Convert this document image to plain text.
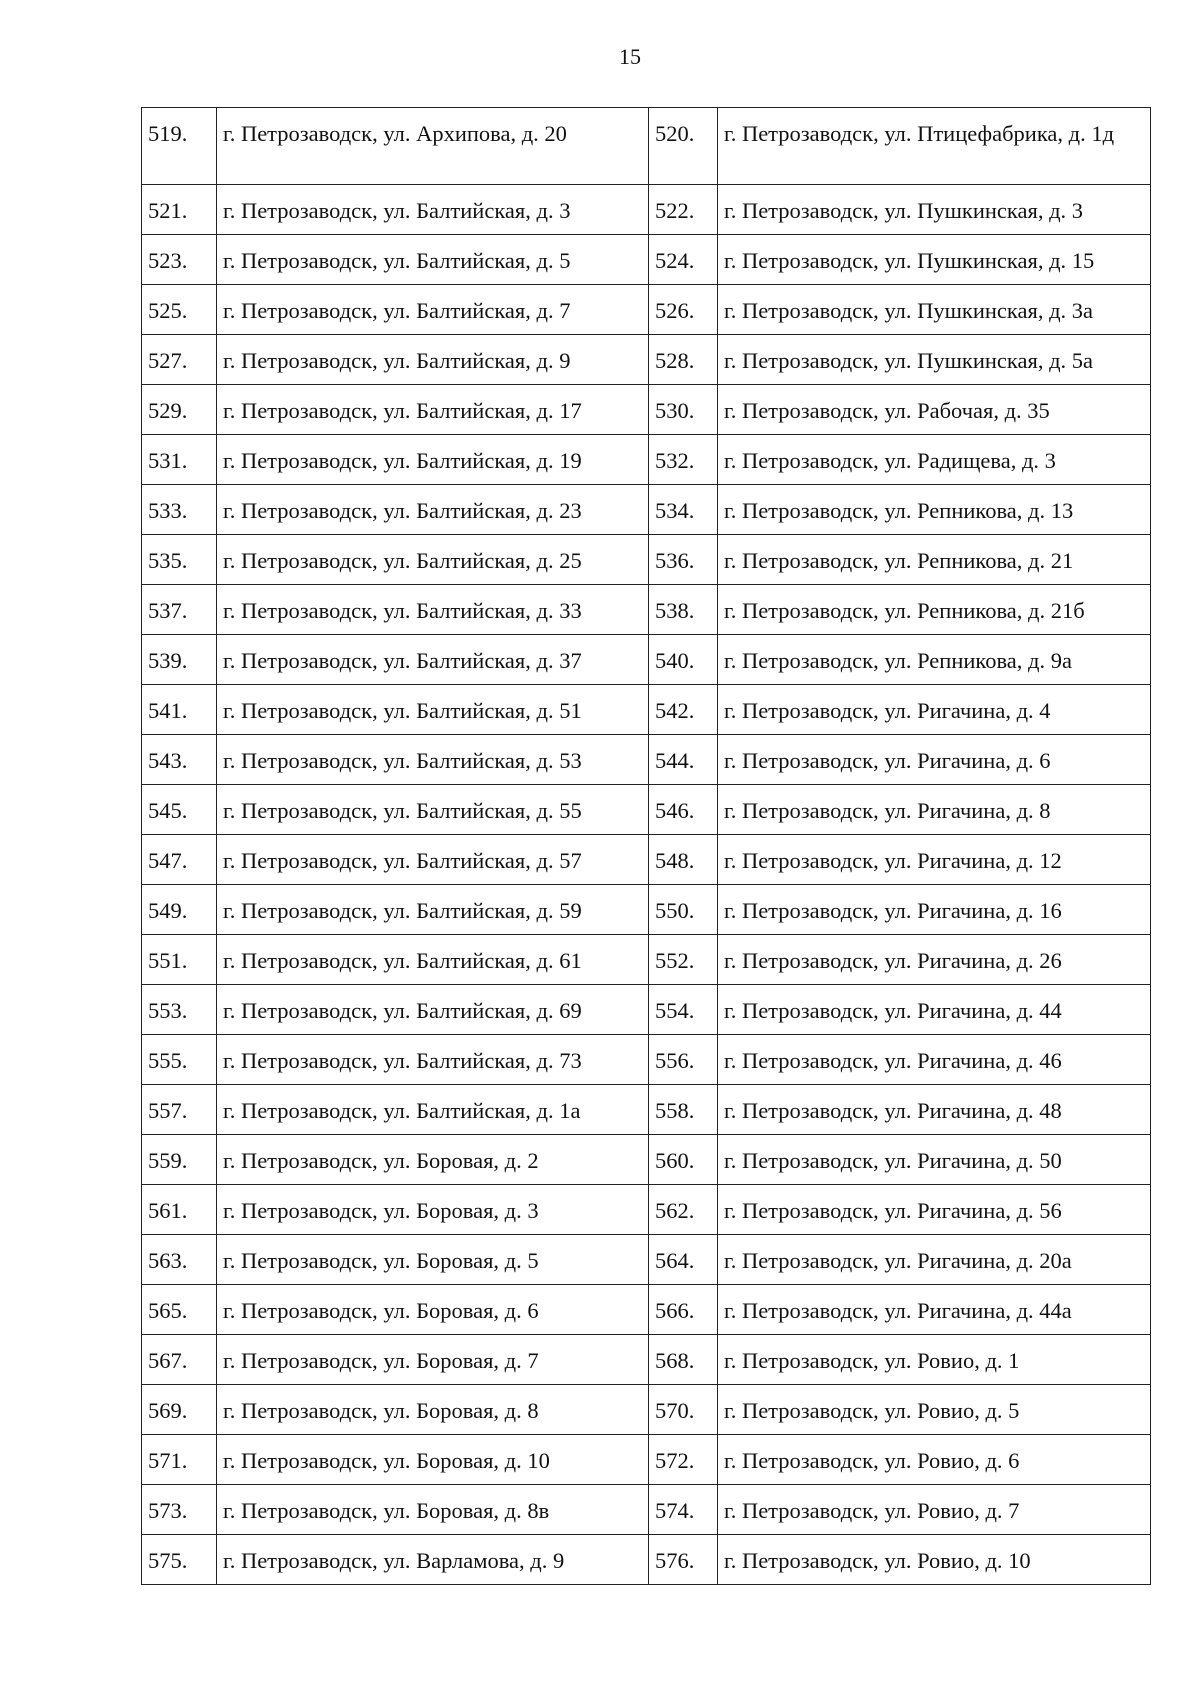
15
519.	г. Петрозаводск, ул. Архипова, д. 20	520.	г. Петрозаводск, ул. Птицефабрика, д. 1д
521.	г. Петрозаводск, ул. Балтийская, д. 3	522.	г. Петрозаводск, ул. Пушкинская, д. 3
523.	г. Петрозаводск, ул. Балтийская, д. 5	524.	г. Петрозаводск, ул. Пушкинская, д. 15
525.	г. Петрозаводск, ул. Балтийская, д. 7	526.	г. Петрозаводск, ул. Пушкинская, д. 3а
527.	г. Петрозаводск, ул. Балтийская, д. 9	528.	г. Петрозаводск, ул. Пушкинская, д. 5а
529.	г. Петрозаводск, ул. Балтийская, д. 17	530.	г. Петрозаводск, ул. Рабочая, д. 35
531.	г. Петрозаводск, ул. Балтийская, д. 19	532.	г. Петрозаводск, ул. Радищева, д. 3
533.	г. Петрозаводск, ул. Балтийская, д. 23	534.	г. Петрозаводск, ул. Репникова, д. 13
535.	г. Петрозаводск, ул. Балтийская, д. 25	536.	г. Петрозаводск, ул. Репникова, д. 21
537.	г. Петрозаводск, ул. Балтийская, д. 33	538.	г. Петрозаводск, ул. Репникова, д. 21б
539.	г. Петрозаводск, ул. Балтийская, д. 37	540.	г. Петрозаводск, ул. Репникова, д. 9а
541.	г. Петрозаводск, ул. Балтийская, д. 51	542.	г. Петрозаводск, ул. Ригачина, д. 4
543.	г. Петрозаводск, ул. Балтийская, д. 53	544.	г. Петрозаводск, ул. Ригачина, д. 6
545.	г. Петрозаводск, ул. Балтийская, д. 55	546.	г. Петрозаводск, ул. Ригачина, д. 8
547.	г. Петрозаводск, ул. Балтийская, д. 57	548.	г. Петрозаводск, ул. Ригачина, д. 12
549.	г. Петрозаводск, ул. Балтийская, д. 59	550.	г. Петрозаводск, ул. Ригачина, д. 16
551.	г. Петрозаводск, ул. Балтийская, д. 61	552.	г. Петрозаводск, ул. Ригачина, д. 26
553.	г. Петрозаводск, ул. Балтийская, д. 69	554.	г. Петрозаводск, ул. Ригачина, д. 44
555.	г. Петрозаводск, ул. Балтийская, д. 73	556.	г. Петрозаводск, ул. Ригачина, д. 46
557.	г. Петрозаводск, ул. Балтийская, д. 1а	558.	г. Петрозаводск, ул. Ригачина, д. 48
559.	г. Петрозаводск, ул. Боровая, д. 2	560.	г. Петрозаводск, ул. Ригачина, д. 50
561.	г. Петрозаводск, ул. Боровая, д. 3	562.	г. Петрозаводск, ул. Ригачина, д. 56
563.	г. Петрозаводск, ул. Боровая, д. 5	564.	г. Петрозаводск, ул. Ригачина, д. 20а
565.	г. Петрозаводск, ул. Боровая, д. 6	566.	г. Петрозаводск, ул. Ригачина, д. 44а
567.	г. Петрозаводск, ул. Боровая, д. 7	568.	г. Петрозаводск, ул. Ровио, д. 1
569.	г. Петрозаводск, ул. Боровая, д. 8	570.	г. Петрозаводск, ул. Ровио, д. 5
571.	г. Петрозаводск, ул. Боровая, д. 10	572.	г. Петрозаводск, ул. Ровио, д. 6
573.	г. Петрозаводск, ул. Боровая, д. 8в	574.	г. Петрозаводск, ул. Ровио, д. 7
575.	г. Петрозаводск, ул. Варламова, д. 9	576.	г. Петрозаводск, ул. Ровио, д. 10
